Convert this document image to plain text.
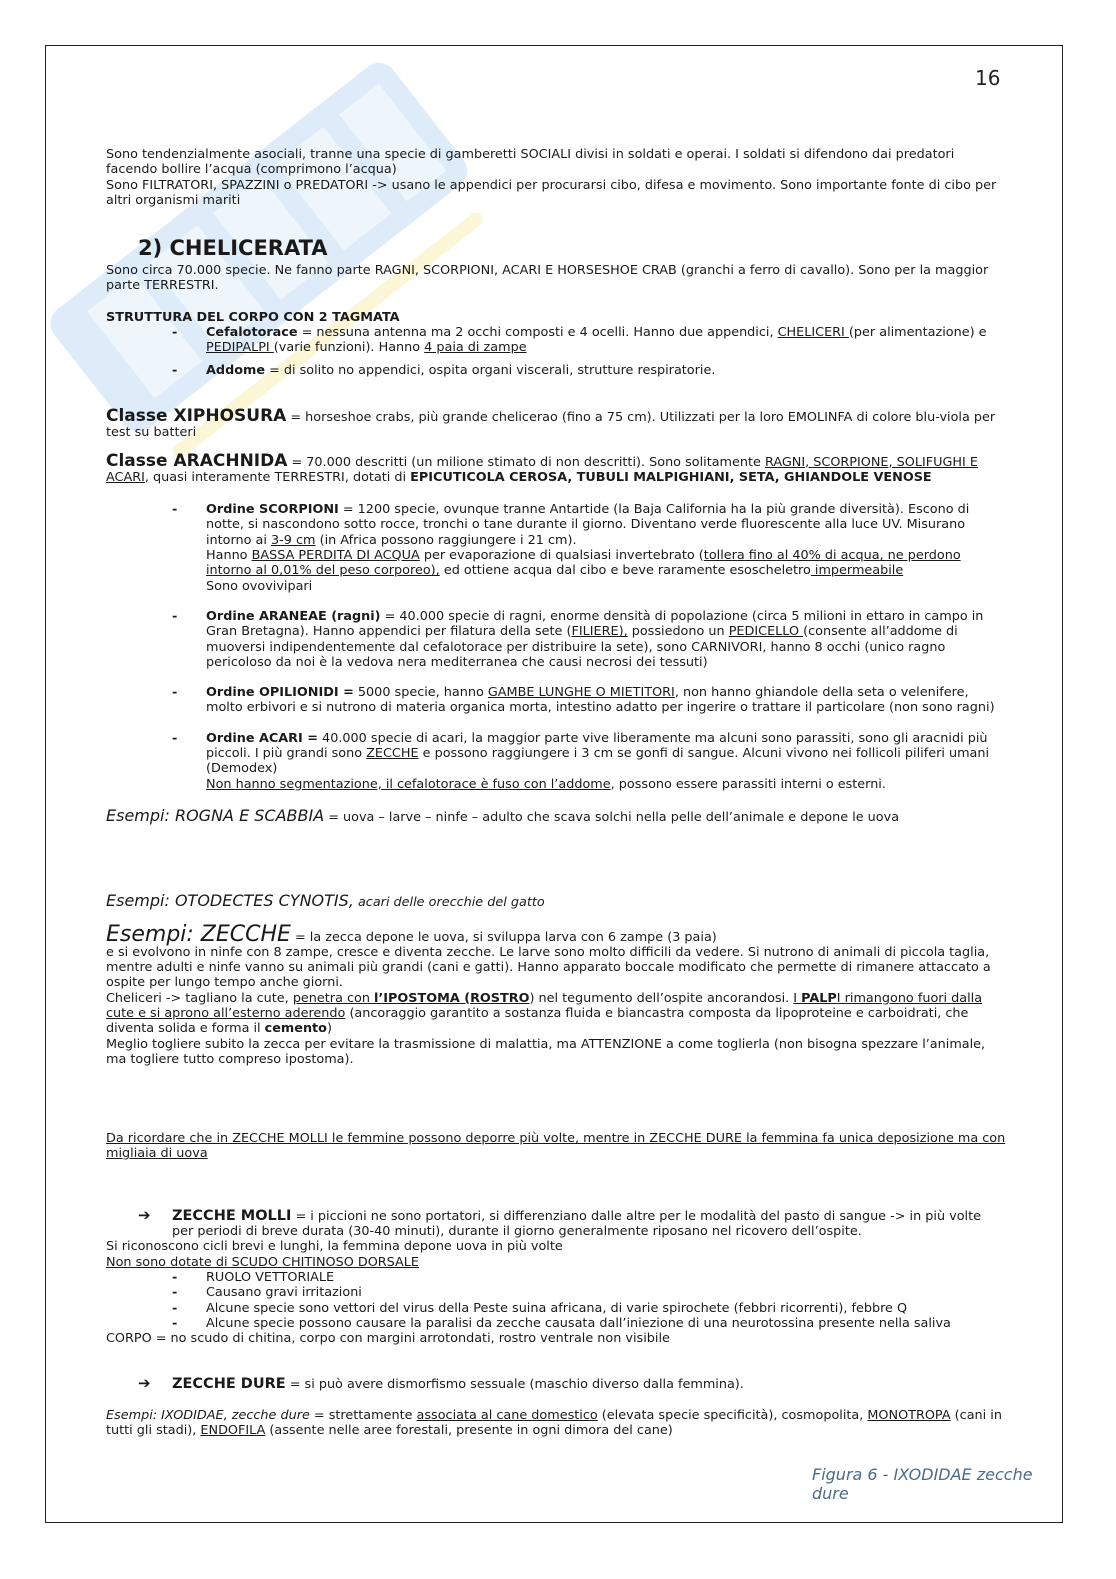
16

Sono tendenzialmente asociali, tranne una specie di gamberetti SOCIALI divisi in soldati e operai. I soldati si difendono dai predatori facendo bollire l’acqua (comprimono l’acqua)

Sono FILTRATORI, SPAZZINI o PREDATORI -> usano le appendici per procurarsi cibo, difesa e movimento. Sono importante fonte di cibo per altri organismi mariti

2) CHELICERATA

Sono circa 70.000 specie. Ne fanno parte RAGNI, SCORPIONI, ACARI E HORSESHOE CRAB (granchi a ferro di cavallo). Sono per la maggior parte TERRESTRI.

STRUTTURA DEL CORPO CON 2 TAGMATA

- Cefalotorace = nessuna antenna ma 2 occhi composti e 4 ocelli. Hanno due appendici, CHELICERI (per alimentazione) e PEDIPALPI (varie funzioni). Hanno 4 paia di zampe
- Addome = di solito no appendici, ospita organi viscerali, strutture respiratorie.

Classe XIPHOSURA = horseshoe crabs, più grande chelicerao (fino a 75 cm). Utilizzati per la loro EMOLINFA di colore blu-viola per test su batteri

Classe ARACHNIDA = 70.000 descritti (un milione stimato di non descritti). Sono solitamente RAGNI, SCORPIONE, SOLIFUGHI E ACARI, quasi interamente TERRESTRI, dotati di EPICUTICOLA CEROSA, TUBULI MALPIGHIANI, SETA, GHIANDOLE VENOSE

- Ordine SCORPIONI = 1200 specie, ovunque tranne Antartide (la Baja California ha la più grande diversità). Escono di notte, si nascondono sotto rocce, tronchi o tane durante il giorno. Diventano verde fluorescente alla luce UV. Misurano intorno ai 3-9 cm (in Africa possono raggiungere i 21 cm).
Hanno BASSA PERDITA DI ACQUA per evaporazione di qualsiasi invertebrato (tollera fino al 40% di acqua, ne perdono intorno al 0,01% del peso corporeo), ed ottiene acqua dal cibo e beve raramente esoscheletro impermeabile
Sono ovovivipari
- Ordine ARANEAE (ragni) = 40.000 specie di ragni, enorme densità di popolazione (circa 5 milioni in ettaro in campo in Gran Bretagna). Hanno appendici per filatura della sete (FILIERE), possiedono un PEDICELLO (consente all’addome di muoversi indipendentemente dal cefalotorace per distribuire la sete), sono CARNIVORI, hanno 8 occhi (unico ragno pericoloso da noi è la vedova nera mediterranea che causi necrosi dei tessuti)
- Ordine OPILIONIDI = 5000 specie, hanno GAMBE LUNGHE O MIETITORI, non hanno ghiandole della seta o velenifere, molto erbivori e si nutrono di materia organica morta, intestino adatto per ingerire o trattare il particolare (non sono ragni)
- Ordine ACARI = 40.000 specie di acari, la maggior parte vive liberamente ma alcuni sono parassiti, sono gli aracnidi più piccoli. I più grandi sono ZECCHE e possono raggiungere i 3 cm se gonfi di sangue. Alcuni vivono nei follicoli piliferi umani (Demodex)
Non hanno segmentazione, il cefalotorace è fuso con l’addome, possono essere parassiti interni o esterni.

Esempi: ROGNA E SCABBIA = uova – larve – ninfe – adulto che scava solchi nella pelle dell’animale e depone le uova

Esempi: OTODECTES CYNOTIS, acari delle orecchie del gatto

Esempi: ZECCHE = la zecca depone le uova, si sviluppa larva con 6 zampe (3 paia)

e si evolvono in ninfe con 8 zampe, cresce e diventa zecche. Le larve sono molto difficili da vedere. Si nutrono di animali di piccola taglia, mentre adulti e ninfe vanno su animali più grandi (cani e gatti). Hanno apparato boccale modificato che permette di rimanere attaccato a ospite per lungo tempo anche giorni.

Cheliceri -> tagliano la cute, penetra con l’IPOSTOMA (ROSTRO) nel tegumento dell’ospite ancorandosi. I PALPI rimangono fuori dalla cute e si aprono all’esterno aderendo (ancoraggio garantito a sostanza fluida e biancastra composta da lipoproteine e carboidrati, che diventa solida e forma il cemento)

Meglio togliere subito la zecca per evitare la trasmissione di malattia, ma ATTENZIONE a come toglierla (non bisogna spezzare l’animale, ma togliere tutto compreso ipostoma).

Da ricordare che in ZECCHE MOLLI le femmine possono deporre più volte, mentre in ZECCHE DURE la femmina fa unica deposizione ma con migliaia di uova

➔ ZECCHE MOLLI = i piccioni ne sono portatori, si differenziano dalle altre per le modalità del pasto di sangue -> in più volte per periodi di breve durata (30-40 minuti), durante il giorno generalmente riposano nel ricovero dell’ospite.

Si riconoscono cicli brevi e lunghi, la femmina depone uova in più volte

Non sono dotate di SCUDO CHITINOSO DORSALE

- RUOLO VETTORIALE
- Causano gravi irritazioni
- Alcune specie sono vettori del virus della Peste suina africana, di varie spirochete (febbri ricorrenti), febbre Q
- Alcune specie possono causare la paralisi da zecche causata dall’iniezione di una neurotossina presente nella saliva

CORPO = no scudo di chitina, corpo con margini arrotondati, rostro ventrale non visibile

➔ ZECCHE DURE = si può avere dismorfismo sessuale (maschio diverso dalla femmina).

Esempi: IXODIDAE, zecche dure = strettamente associata al cane domestico (elevata specie specificità), cosmopolita, MONOTROPA (cani in tutti gli stadi), ENDOFILA (assente nelle aree forestali, presente in ogni dimora del cane)

Figura 6 - IXODIDAE zecche dure
